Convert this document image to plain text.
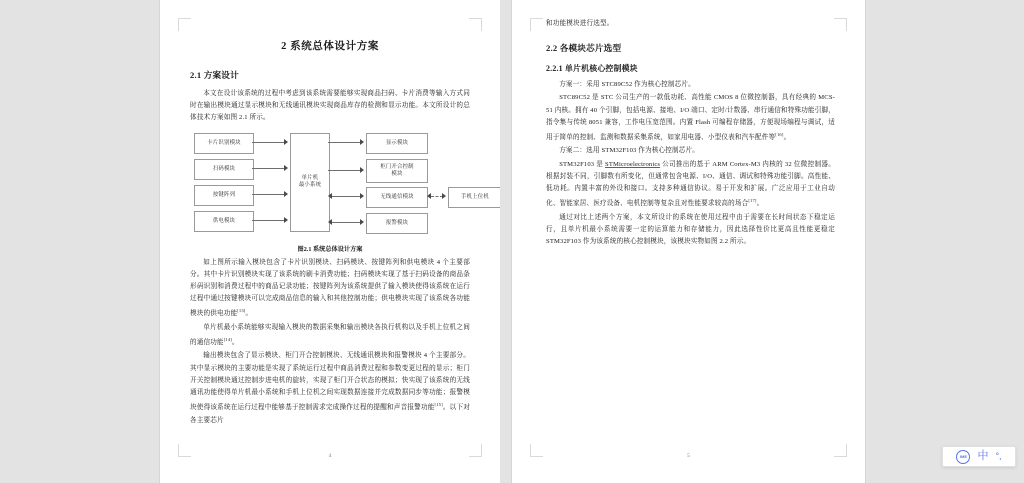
2 系统总体设计方案
2.1 方案设计

本文在设计该系统的过程中考虑到该系统需要能够实现商品扫码、卡片消费等输入方式同时在输出模块通过显示模块和无线通讯模块实现商品库存的检测和显示功能。本文所设计的总体技术方案如图 2.1 所示。

卡片识别模块
扫码模块
按键阵列
供电模块
单片机
最小系统
显示模块
柜门开合控制
模块
无线通信模块
报警模块
手机上位机

图2.1 系统总体设计方案

如上图所示输入模块包含了卡片识别模块、扫码模块、按键阵列和供电模块 4 个主要部分。其中卡片识别模块实现了该系统的刷卡消费功能；扫码模块实现了基于扫码设备的商品条形码识别和消费过程中的商品记录功能；按键阵列为该系统提供了输入模块使得该系统在运行过程中通过按键模块可以完成商品信息的输入和其他控制功能；供电模块实现了该系统各功能模块的供电功能[13]。

单片机最小系统能够实现输入模块的数据采集和输出模块各执行机构以及手机上位机之间的通信功能[14]。

输出模块包含了显示模块、柜门开合控制模块、无线通讯模块和报警模块 4 个主要部分。其中显示模块的主要功能是实现了系统运行过程中商品消费过程和参数变更过程的显示；柜门开关控制模块通过控制步进电机的旋转，实现了柜门开合状态的模拟；快实现了该系统的无线通讯功能使得单片机最小系统和手机上位机之间实现数据连接并完成数据同步等功能；报警模块使得该系统在运行过程中能够基于控制需求完成操作过程的提醒和声音报警功能[15]。以下对各主要芯片

4

和功能模块进行选型。

2.2 各模块芯片选型
2.2.1 单片机核心控制模块

方案一：采用 STC89C52 作为核心控制芯片。

STC89C52 是 STC 公司生产的一款低功耗、高性能 CMOS 8 位微控制器，具有经典的 MCS-51 内核。拥有 40 个引脚，包括电源、接地、I/O 端口、定时/计数器、串行通信和特殊功能引脚，指令集与传统 8051 兼容，工作电压宽范围。内置 Flash 可编程存储器，方便现场编程与调试，适用于简单的控制、监测和数据采集系统，如家用电器、小型仪表和汽车配件等[16]。

方案二：选用 STM32F103 作为核心控制芯片。

STM32F103 是 STMicroelectronics 公司推出的基于 ARM Cortex-M3 内核的 32 位微控制器。根据封装不同，引脚数有所变化，但通常包含电源、I/O、通信、调试和特殊功能引脚。高性能、低功耗。内置丰富的外设和接口。支持多种通信协议。易于开发和扩展。广泛应用于工业自动化、智能家居、医疗设备、电机控制等复杂且对性能要求较高的场合[17]。

通过对比上述两个方案，本文所设计的系统在使用过程中由于需要在长时间状态下稳定运行，且单片机最小系统需要一定的运算能力和存储能力，因此选择性价比更高且性能更稳定 STM32F103 作为该系统的核心控制模块，该模块实物如图 2.2 所示。

5	IME 中 °,
